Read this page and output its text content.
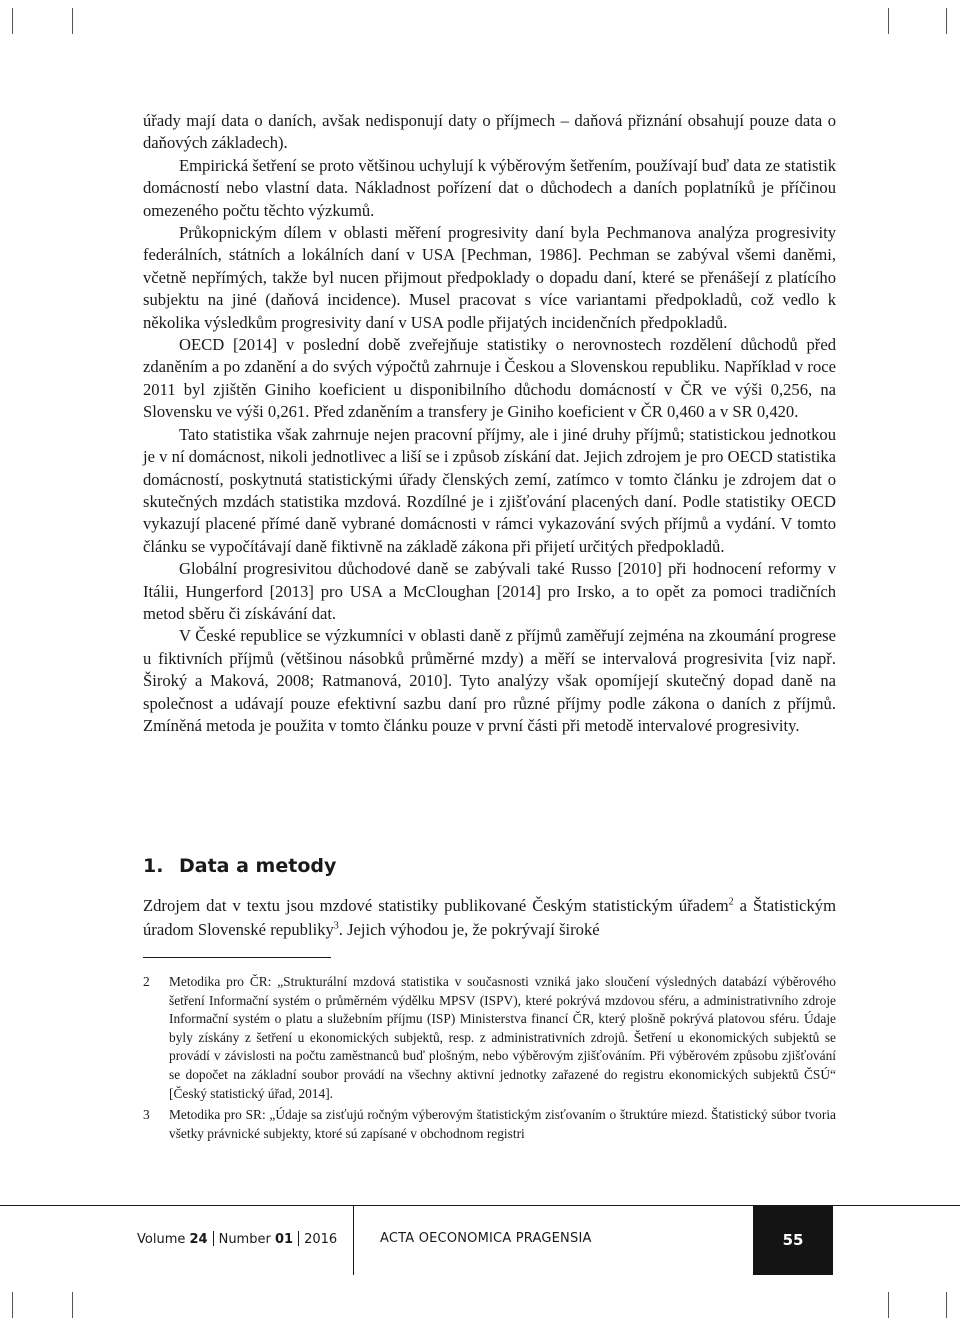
úřady mají data o daních, avšak nedisponují daty o příjmech – daňová přiznání obsahují pouze data o daňových základech).

Empirická šetření se proto většinou uchylují k výběrovým šetřením, používají buď data ze statistik domácností nebo vlastní data. Nákladnost pořízení dat o důchodech a daních poplatníků je příčinou omezeného počtu těchto výzkumů.

Průkopnickým dílem v oblasti měření progresivity daní byla Pechmanova analýza progresivity federálních, státních a lokálních daní v USA [Pechman, 1986]. Pechman se zabýval všemi daněmi, včetně nepřímých, takže byl nucen přijmout předpoklady o dopadu daní, které se přenášejí z platícího subjektu na jiné (daňová incidence). Musel pracovat s více variantami předpokladů, což vedlo k několika výsledkům progresivity daní v USA podle přijatých incidenčních předpokladů.

OECD [2014] v poslední době zveřejňuje statistiky o nerovnostech rozdělení důchodů před zdaněním a po zdanění a do svých výpočtů zahrnuje i Českou a Slovenskou republiku. Například v roce 2011 byl zjištěn Giniho koeficient u disponibilního důchodu domácností v ČR ve výši 0,256, na Slovensku ve výši 0,261. Před zdaněním a transfery je Giniho koeficient v ČR 0,460 a v SR 0,420.

Tato statistika však zahrnuje nejen pracovní příjmy, ale i jiné druhy příjmů; statistickou jednotkou je v ní domácnost, nikoli jednotlivec a liší se i způsob získání dat. Jejich zdrojem je pro OECD statistika domácností, poskytnutá statistickými úřady členských zemí, zatímco v tomto článku je zdrojem dat o skutečných mzdách statistika mzdová. Rozdílné je i zjišťování placených daní. Podle statistiky OECD vykazují placené přímé daně vybrané domácnosti v rámci vykazování svých příjmů a vydání. V tomto článku se vypočítávají daně fiktivně na základě zákona při přijetí určitých předpokladů.

Globální progresivitou důchodové daně se zabývali také Russo [2010] při hodnocení reformy v Itálii, Hungerford [2013] pro USA a McCloughan [2014] pro Irsko, a to opět za pomoci tradičních metod sběru či získávání dat.

V České republice se výzkumníci v oblasti daně z příjmů zaměřují zejména na zkoumání progrese u fiktivních příjmů (většinou násobků průměrné mzdy) a měří se intervalová progresivita [viz např. Široký a Maková, 2008; Ratmanová, 2010]. Tyto analýzy však opomíjejí skutečný dopad daně na společnost a udávají pouze efektivní sazbu daní pro různé příjmy podle zákona o daních z příjmů. Zmíněná metoda je použita v tomto článku pouze v první části při metodě intervalové progresivity.

1. Data a metody

Zdrojem dat v textu jsou mzdové statistiky publikované Českým statistickým úřadem$^2$ a Štatistickým úradom Slovenské republiky$^3$. Jejich výhodou je, že pokrývají široké

2	Metodika pro ČR: „Strukturální mzdová statistika v současnosti vzniká jako sloučení výsledných databází výběrového šetření Informační systém o průměrném výdělku MPSV (ISPV), které pokrývá mzdovou sféru, a administrativního zdroje Informační systém o platu a služebním příjmu (ISP) Ministerstva financí ČR, který plošně pokrývá platovou sféru. Údaje byly získány z šetření u ekonomických subjektů, resp. z administrativních zdrojů. Šetření u ekonomických subjektů se provádí v závislosti na počtu zaměstnanců buď plošným, nebo výběrovým zjišťováním. Při výběrovém způsobu zjišťování se dopočet na základní soubor provádí na všechny aktivní jednotky zařazené do registru ekonomických subjektů ČSÚ“ [Český statistický úřad, 2014].
3	Metodika pro SR: „Údaje sa zisťujú ročným výberovým štatistickým zisťovaním o štruktúre miezd. Štatistický súbor tvoria všetky právnické subjekty, ktoré sú zapísané v obchodnom registri
Volume 24 Number 01 2016	ACTA OECONOMICA PRAGENSIA	55
